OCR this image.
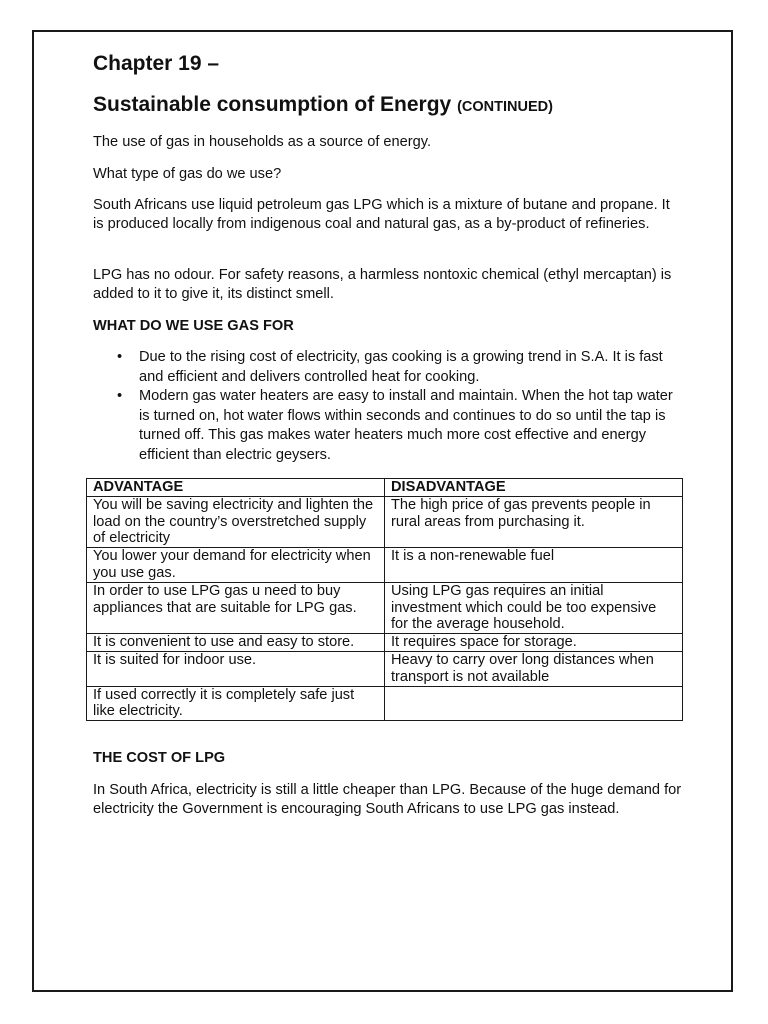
Chapter 19 –
Sustainable consumption of Energy (CONTINUED)

The use of gas in households as a source of energy.

What type of gas do we use?

South Africans use liquid petroleum gas LPG which is a mixture of butane and propane. It is produced locally from indigenous coal and natural gas, as a by-product of refineries.

LPG has no odour. For safety reasons, a harmless nontoxic chemical (ethyl mercaptan) is added to it to give it, its distinct smell.

WHAT DO WE USE GAS FOR
• Due to the rising cost of electricity, gas cooking is a growing trend in S.A. It is fast and efficient and delivers controlled heat for cooking.
• Modern gas water heaters are easy to install and maintain. When the hot tap water is turned on, hot water flows within seconds and continues to do so until the tap is turned off. This gas makes water heaters much more cost effective and energy efficient than electric geysers.
ADVANTAGE	DISADVANTAGE
You will be saving electricity and lighten the load on the country’s overstretched supply of electricity	The high price of gas prevents people in rural areas from purchasing it.
You lower your demand for electricity when you use gas.	It is a non-renewable fuel
In order to use LPG gas u need to buy appliances that are suitable for LPG gas.	Using LPG gas requires an initial investment which could be too expensive for the average household.
It is convenient to use and easy to store.	It requires space for storage.
It is suited for indoor use.	Heavy to carry over long distances when transport is not available
If used correctly it is completely safe just like electricity.	
THE COST OF LPG

In South Africa, electricity is still a little cheaper than LPG. Because of the huge demand for electricity the Government is encouraging South Africans to use LPG gas instead.
